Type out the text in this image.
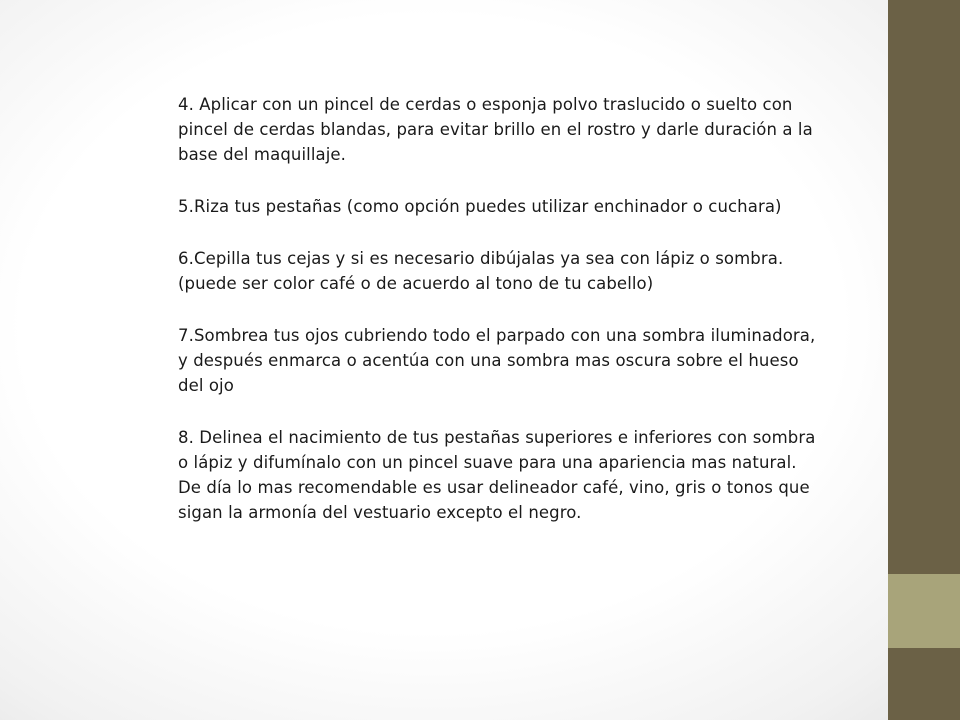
4. Aplicar con un pincel de cerdas o esponja polvo traslucido o suelto con pincel de cerdas blandas, para evitar brillo en el rostro y darle duración a la base del maquillaje.

5.Riza tus pestañas (como opción puedes utilizar enchinador o cuchara)

6.Cepilla tus cejas y si es necesario dibújalas ya sea con lápiz o sombra.(puede ser color café o de acuerdo al tono de tu cabello)

7.Sombrea tus ojos cubriendo todo el parpado con una sombra iluminadora, y después enmarca o acentúa con una sombra mas oscura sobre el hueso del ojo

8. Delinea el nacimiento de tus pestañas superiores e inferiores con sombra o lápiz y difumínalo con un pincel suave para una apariencia mas natural. De día lo mas recomendable es usar delineador café, vino, gris o tonos que sigan la armonía del vestuario excepto el negro.
